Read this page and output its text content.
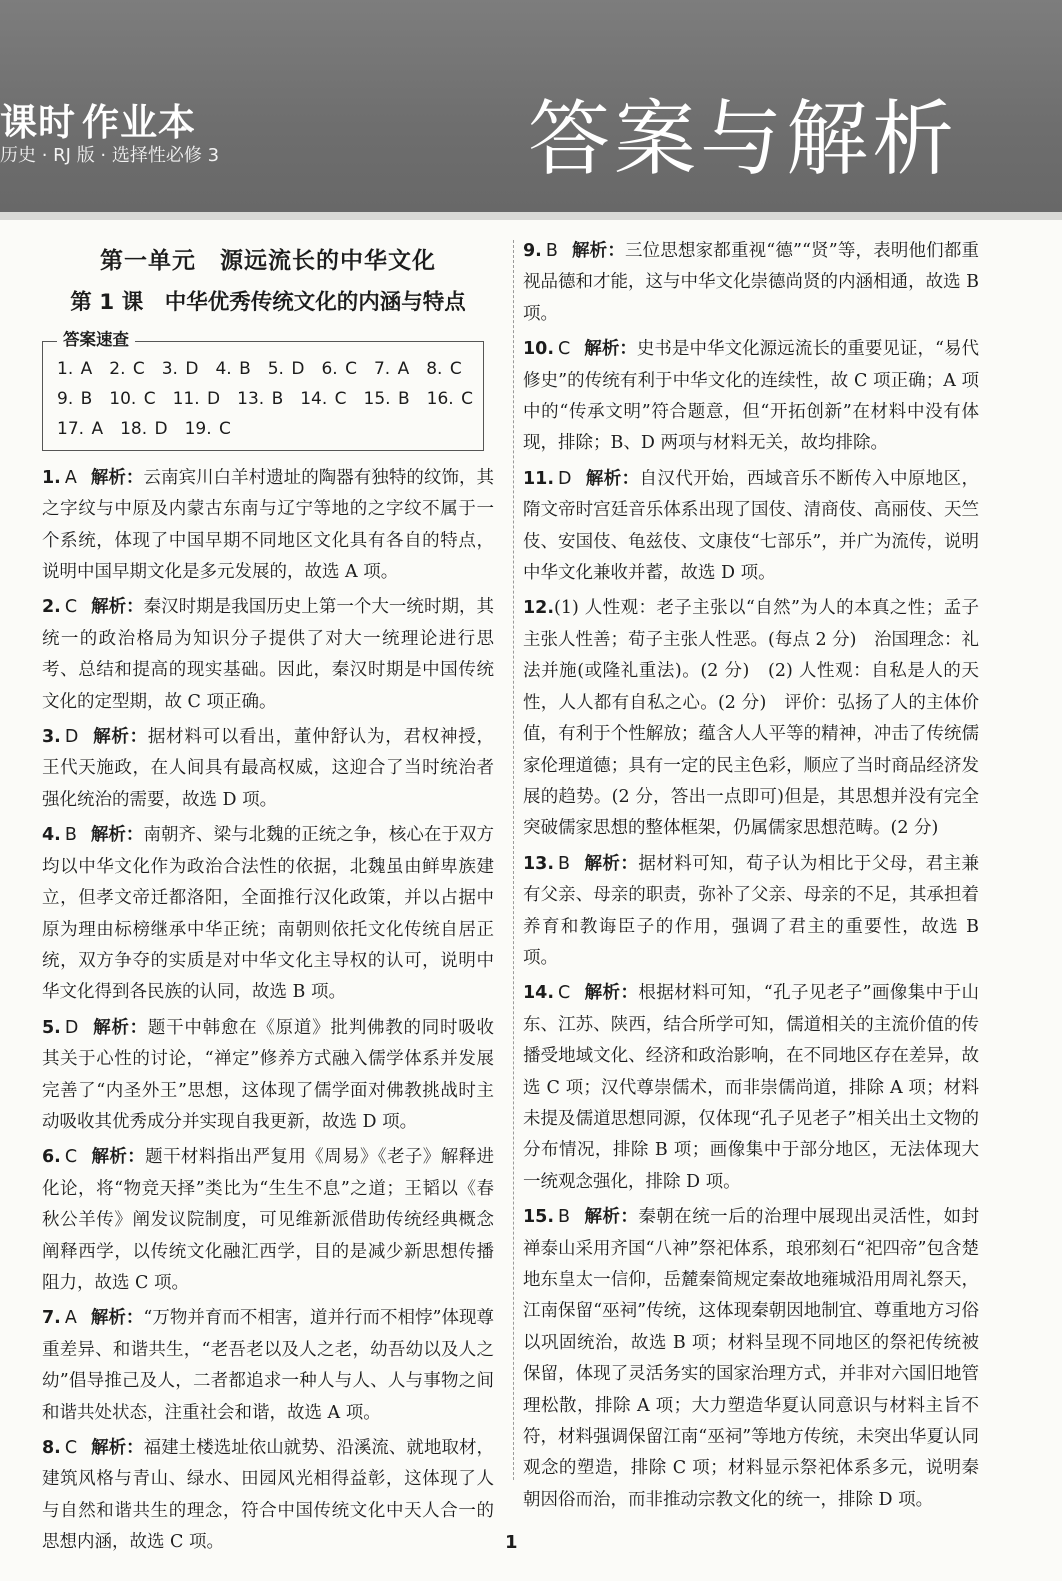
课时 作业本
历史 · RJ 版 · 选择性必修 3	答案与解析
第一单元　源远流长的中华文化
第 1 课　中华优秀传统文化的内涵与特点
答案速查
1. A　2. C　3. D　4. B　5. D　6. C　7. A　8. C
9. B　10. C　11. D　13. B　14. C　15. B　16. C
17. A　18. D　19. C
1. A 解析：云南宾川白羊村遗址的陶器有独特的纹饰，其之字纹与中原及内蒙古东南与辽宁等地的之字纹不属于一个系统，体现了中国早期不同地区文化具有各自的特点，说明中国早期文化是多元发展的，故选 A 项。
2. C 解析：秦汉时期是我国历史上第一个大一统时期，其统一的政治格局为知识分子提供了对大一统理论进行思考、总结和提高的现实基础。因此，秦汉时期是中国传统文化的定型期，故 C 项正确。
3. D 解析：据材料可以看出，董仲舒认为，君权神授，王代天施政，在人间具有最高权威，这迎合了当时统治者强化统治的需要，故选 D 项。
4. B 解析：南朝齐、梁与北魏的正统之争，核心在于双方均以中华文化作为政治合法性的依据，北魏虽由鲜卑族建立，但孝文帝迁都洛阳，全面推行汉化政策，并以占据中原为理由标榜继承中华正统；南朝则依托文化传统自居正统，双方争夺的实质是对中华文化主导权的认可，说明中华文化得到各民族的认同，故选 B 项。
5. D 解析：题干中韩愈在《原道》批判佛教的同时吸收其关于心性的讨论，“禅定”修养方式融入儒学体系并发展完善了“内圣外王”思想，这体现了儒学面对佛教挑战时主动吸收其优秀成分并实现自我更新，故选 D 项。
6. C 解析：题干材料指出严复用《周易》《老子》解释进化论，将“物竞天择”类比为“生生不息”之道；王韬以《春秋公羊传》阐发议院制度，可见维新派借助传统经典概念阐释西学，以传统文化融汇西学，目的是减少新思想传播阻力，故选 C 项。
7. A 解析：“万物并育而不相害，道并行而不相悖”体现尊重差异、和谐共生，“老吾老以及人之老，幼吾幼以及人之幼”倡导推己及人，二者都追求一种人与人、人与事物之间和谐共处状态，注重社会和谐，故选 A 项。
8. C 解析：福建土楼选址依山就势、沿溪流、就地取材，建筑风格与青山、绿水、田园风光相得益彰，这体现了人与自然和谐共生的理念，符合中国传统文化中天人合一的思想内涵，故选 C 项。
9. B 解析：三位思想家都重视“德”“贤”等，表明他们都重视品德和才能，这与中华文化崇德尚贤的内涵相通，故选 B 项。
10. C 解析：史书是中华文化源远流长的重要见证，“易代修史”的传统有利于中华文化的连续性，故 C 项正确；A 项中的“传承文明”符合题意，但“开拓创新”在材料中没有体现，排除；B、D 两项与材料无关，故均排除。
11. D 解析：自汉代开始，西域音乐不断传入中原地区，隋文帝时宫廷音乐体系出现了国伎、清商伎、高丽伎、天竺伎、安国伎、龟兹伎、文康伎“七部乐”，并广为流传，说明中华文化兼收并蓄，故选 D 项。
12.(1) 人性观：老子主张以“自然”为人的本真之性；孟子主张人性善；荀子主张人性恶。(每点 2 分)　治国理念：礼法并施(或隆礼重法)。(2 分)　(2) 人性观：自私是人的天性，人人都有自私之心。(2 分)　评价：弘扬了人的主体价值，有利于个性解放；蕴含人人平等的精神，冲击了传统儒家伦理道德；具有一定的民主色彩，顺应了当时商品经济发展的趋势。(2 分，答出一点即可)但是，其思想并没有完全突破儒家思想的整体框架，仍属儒家思想范畴。(2 分)
13. B 解析：据材料可知，荀子认为相比于父母，君主兼有父亲、母亲的职责，弥补了父亲、母亲的不足，其承担着养育和教诲臣子的作用，强调了君主的重要性，故选 B 项。
14. C 解析：根据材料可知，“孔子见老子”画像集中于山东、江苏、陕西，结合所学可知，儒道相关的主流价值的传播受地域文化、经济和政治影响，在不同地区存在差异，故选 C 项；汉代尊崇儒术，而非崇儒尚道，排除 A 项；材料未提及儒道思想同源，仅体现“孔子见老子”相关出土文物的分布情况，排除 B 项；画像集中于部分地区，无法体现大一统观念强化，排除 D 项。
15. B 解析：秦朝在统一后的治理中展现出灵活性，如封禅泰山采用齐国“八神”祭祀体系，琅邪刻石“祀四帝”包含楚地东皇太一信仰，岳麓秦简规定秦故地雍城沿用周礼祭天，江南保留“巫祠”传统，这体现秦朝因地制宜、尊重地方习俗以巩固统治，故选 B 项；材料呈现不同地区的祭祀传统被保留，体现了灵活务实的国家治理方式，并非对六国旧地管理松散，排除 A 项；大力塑造华夏认同意识与材料主旨不符，材料强调保留江南“巫祠”等地方传统，未突出华夏认同观念的塑造，排除 C 项；材料显示祭祀体系多元，说明秦朝因俗而治，而非推动宗教文化的统一，排除 D 项。
1
